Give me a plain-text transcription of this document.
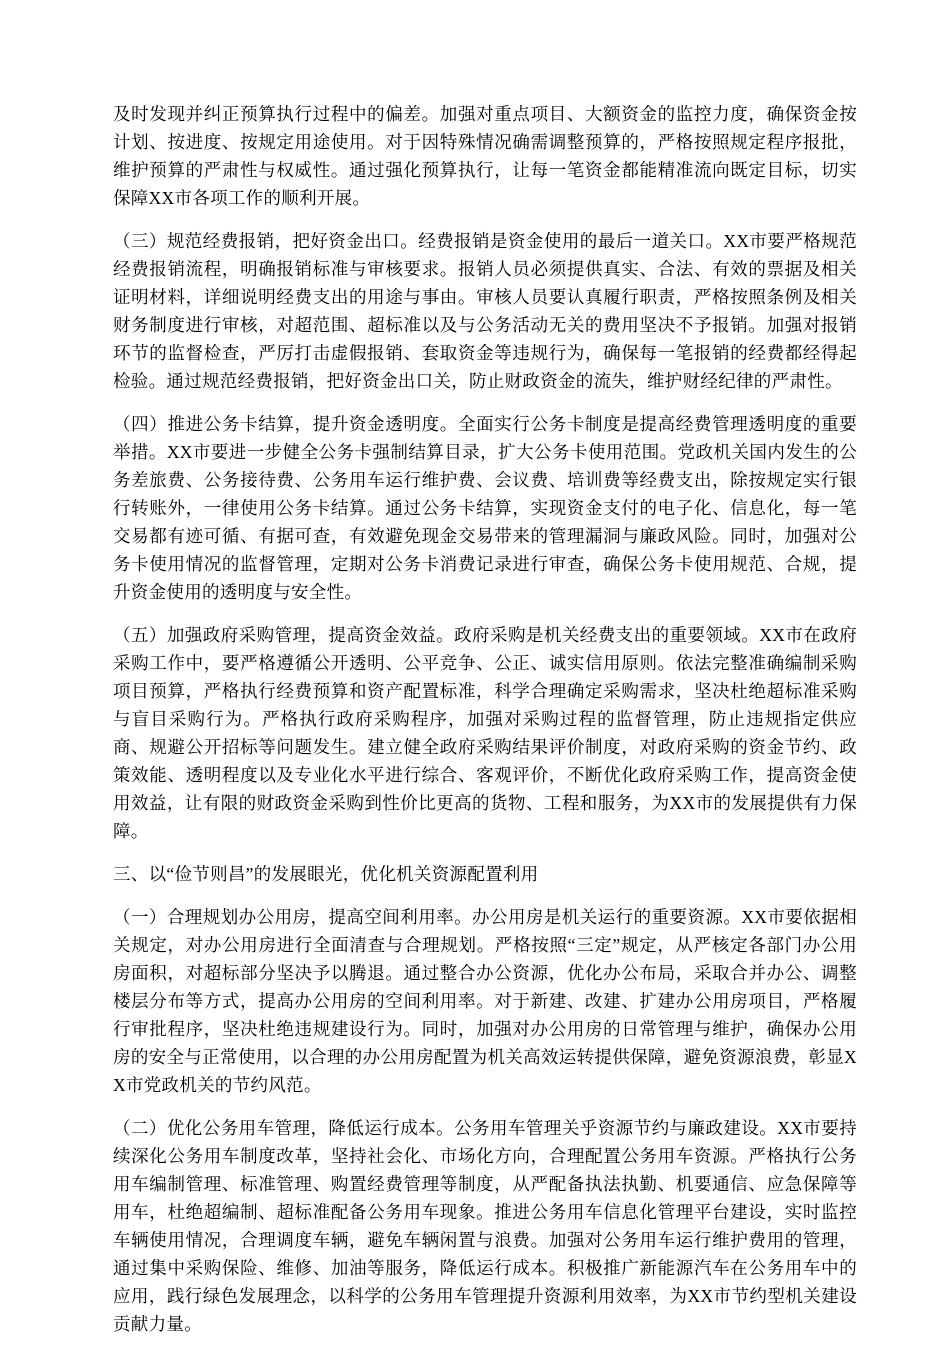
及时发现并纠正预算执行过程中的偏差。加强对重点项目、大额资金的监控力度，确保资金按计划、按进度、按规定用途使用。对于因特殊情况确需调整预算的，严格按照规定程序报批，维护预算的严肃性与权威性。通过强化预算执行，让每一笔资金都能精准流向既定目标，切实保障XX市各项工作的顺利开展。
（三）规范经费报销，把好资金出口。经费报销是资金使用的最后一道关口。XX市要严格规范经费报销流程，明确报销标准与审核要求。报销人员必须提供真实、合法、有效的票据及相关证明材料，详细说明经费支出的用途与事由。审核人员要认真履行职责，严格按照条例及相关财务制度进行审核，对超范围、超标准以及与公务活动无关的费用坚决不予报销。加强对报销环节的监督检查，严厉打击虚假报销、套取资金等违规行为，确保每一笔报销的经费都经得起检验。通过规范经费报销，把好资金出口关，防止财政资金的流失，维护财经纪律的严肃性。
（四）推进公务卡结算，提升资金透明度。全面实行公务卡制度是提高经费管理透明度的重要举措。XX市要进一步健全公务卡强制结算目录，扩大公务卡使用范围。党政机关国内发生的公务差旅费、公务接待费、公务用车运行维护费、会议费、培训费等经费支出，除按规定实行银行转账外，一律使用公务卡结算。通过公务卡结算，实现资金支付的电子化、信息化，每一笔交易都有迹可循、有据可查，有效避免现金交易带来的管理漏洞与廉政风险。同时，加强对公务卡使用情况的监督管理，定期对公务卡消费记录进行审查，确保公务卡使用规范、合规，提升资金使用的透明度与安全性。
（五）加强政府采购管理，提高资金效益。政府采购是机关经费支出的重要领域。XX市在政府采购工作中，要严格遵循公开透明、公平竞争、公正、诚实信用原则。依法完整准确编制采购项目预算，严格执行经费预算和资产配置标准，科学合理确定采购需求，坚决杜绝超标准采购与盲目采购行为。严格执行政府采购程序，加强对采购过程的监督管理，防止违规指定供应商、规避公开招标等问题发生。建立健全政府采购结果评价制度，对政府采购的资金节约、政策效能、透明程度以及专业化水平进行综合、客观评价，不断优化政府采购工作，提高资金使用效益，让有限的财政资金采购到性价比更高的货物、工程和服务，为XX市的发展提供有力保障。
三、以“俭节则昌”的发展眼光，优化机关资源配置利用
（一）合理规划办公用房，提高空间利用率。办公用房是机关运行的重要资源。XX市要依据相关规定，对办公用房进行全面清查与合理规划。严格按照“三定”规定，从严核定各部门办公用房面积，对超标部分坚决予以腾退。通过整合办公资源，优化办公布局，采取合并办公、调整楼层分布等方式，提高办公用房的空间利用率。对于新建、改建、扩建办公用房项目，严格履行审批程序，坚决杜绝违规建设行为。同时，加强对办公用房的日常管理与维护，确保办公用房的安全与正常使用，以合理的办公用房配置为机关高效运转提供保障，避免资源浪费，彰显XX市党政机关的节约风范。
（二）优化公务用车管理，降低运行成本。公务用车管理关乎资源节约与廉政建设。XX市要持续深化公务用车制度改革，坚持社会化、市场化方向，合理配置公务用车资源。严格执行公务用车编制管理、标准管理、购置经费管理等制度，从严配备执法执勤、机要通信、应急保障等用车，杜绝超编制、超标准配备公务用车现象。推进公务用车信息化管理平台建设，实时监控车辆使用情况，合理调度车辆，避免车辆闲置与浪费。加强对公务用车运行维护费用的管理，通过集中采购保险、维修、加油等服务，降低运行成本。积极推广新能源汽车在公务用车中的应用，践行绿色发展理念，以科学的公务用车管理提升资源利用效率，为XX市节约型机关建设贡献力量。
